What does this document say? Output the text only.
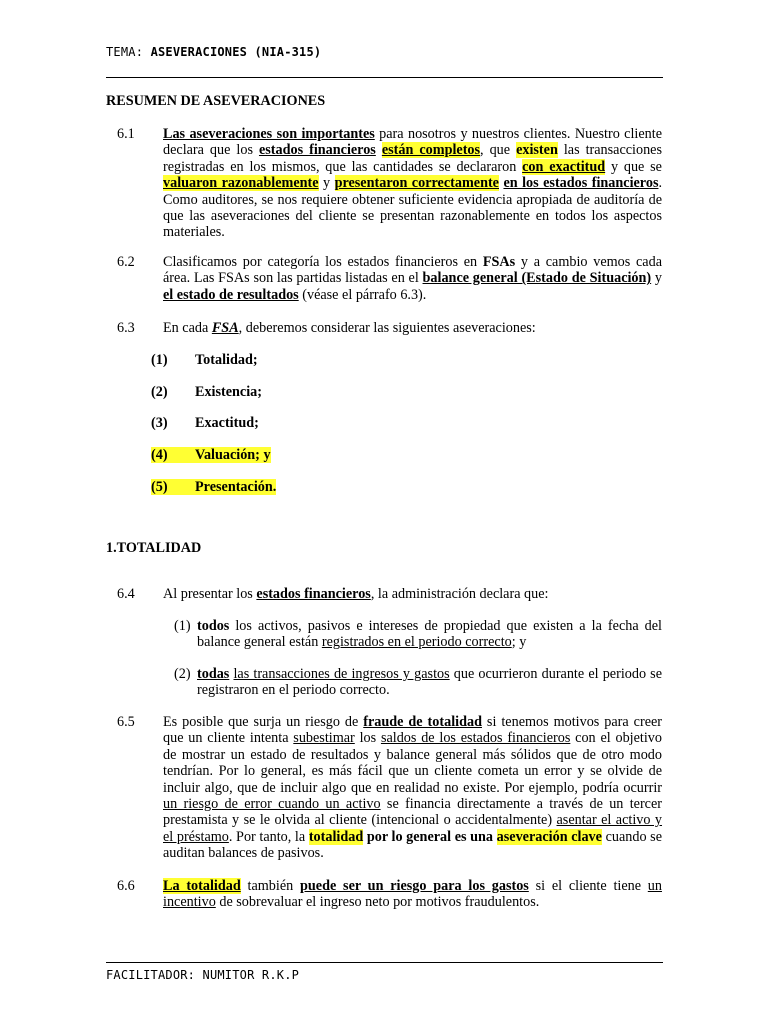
TEMA: ASEVERACIONES (NIA-315)
RESUMEN DE ASEVERACIONES
6.1 Las aseveraciones son importantes para nosotros y nuestros clientes. Nuestro cliente declara que los estados financieros están completos, que existen las transacciones registradas en los mismos, que las cantidades se declararon con exactitud y que se valuaron razonablemente y presentaron correctamente en los estados financieros. Como auditores, se nos requiere obtener suficiente evidencia apropiada de auditoría de que las aseveraciones del cliente se presentan razonablemente en todos los aspectos materiales.

6.2 Clasificamos por categoría los estados financieros en FSAs y a cambio vemos cada área. Las FSAs son las partidas listadas en el balance general (Estado de Situación) y el estado de resultados (véase el párrafo 6.3).

6.3 En cada FSA, deberemos considerar las siguientes aseveraciones:

(1) Totalidad;
(2) Existencia;
(3) Exactitud;
(4) Valuación; y
(5) Presentación.
1.TOTALIDAD
6.4 Al presentar los estados financieros, la administración declara que:

(1) todos los activos, pasivos e intereses de propiedad que existen a la fecha del balance general están registrados en el periodo correcto; y
(2) todas las transacciones de ingresos y gastos que ocurrieron durante el periodo se registraron en el periodo correcto.
6.5 Es posible que surja un riesgo de fraude de totalidad si tenemos motivos para creer que un cliente intenta subestimar los saldos de los estados financieros con el objetivo de mostrar un estado de resultados y balance general más sólidos que de otro modo tendrían. Por lo general, es más fácil que un cliente cometa un error y se olvide de incluir algo, que de incluir algo que en realidad no existe. Por ejemplo, podría ocurrir un riesgo de error cuando un activo se financia directamente a través de un tercer prestamista y se le olvida al cliente (intencional o accidentalmente) asentar el activo y el préstamo. Por tanto, la totalidad por lo general es una aseveración clave cuando se auditan balances de pasivos.

6.6 La totalidad también puede ser un riesgo para los gastos si el cliente tiene un incentivo de sobrevaluar el ingreso neto por motivos fraudulentos.

FACILITADOR: NUMITOR R.K.P
